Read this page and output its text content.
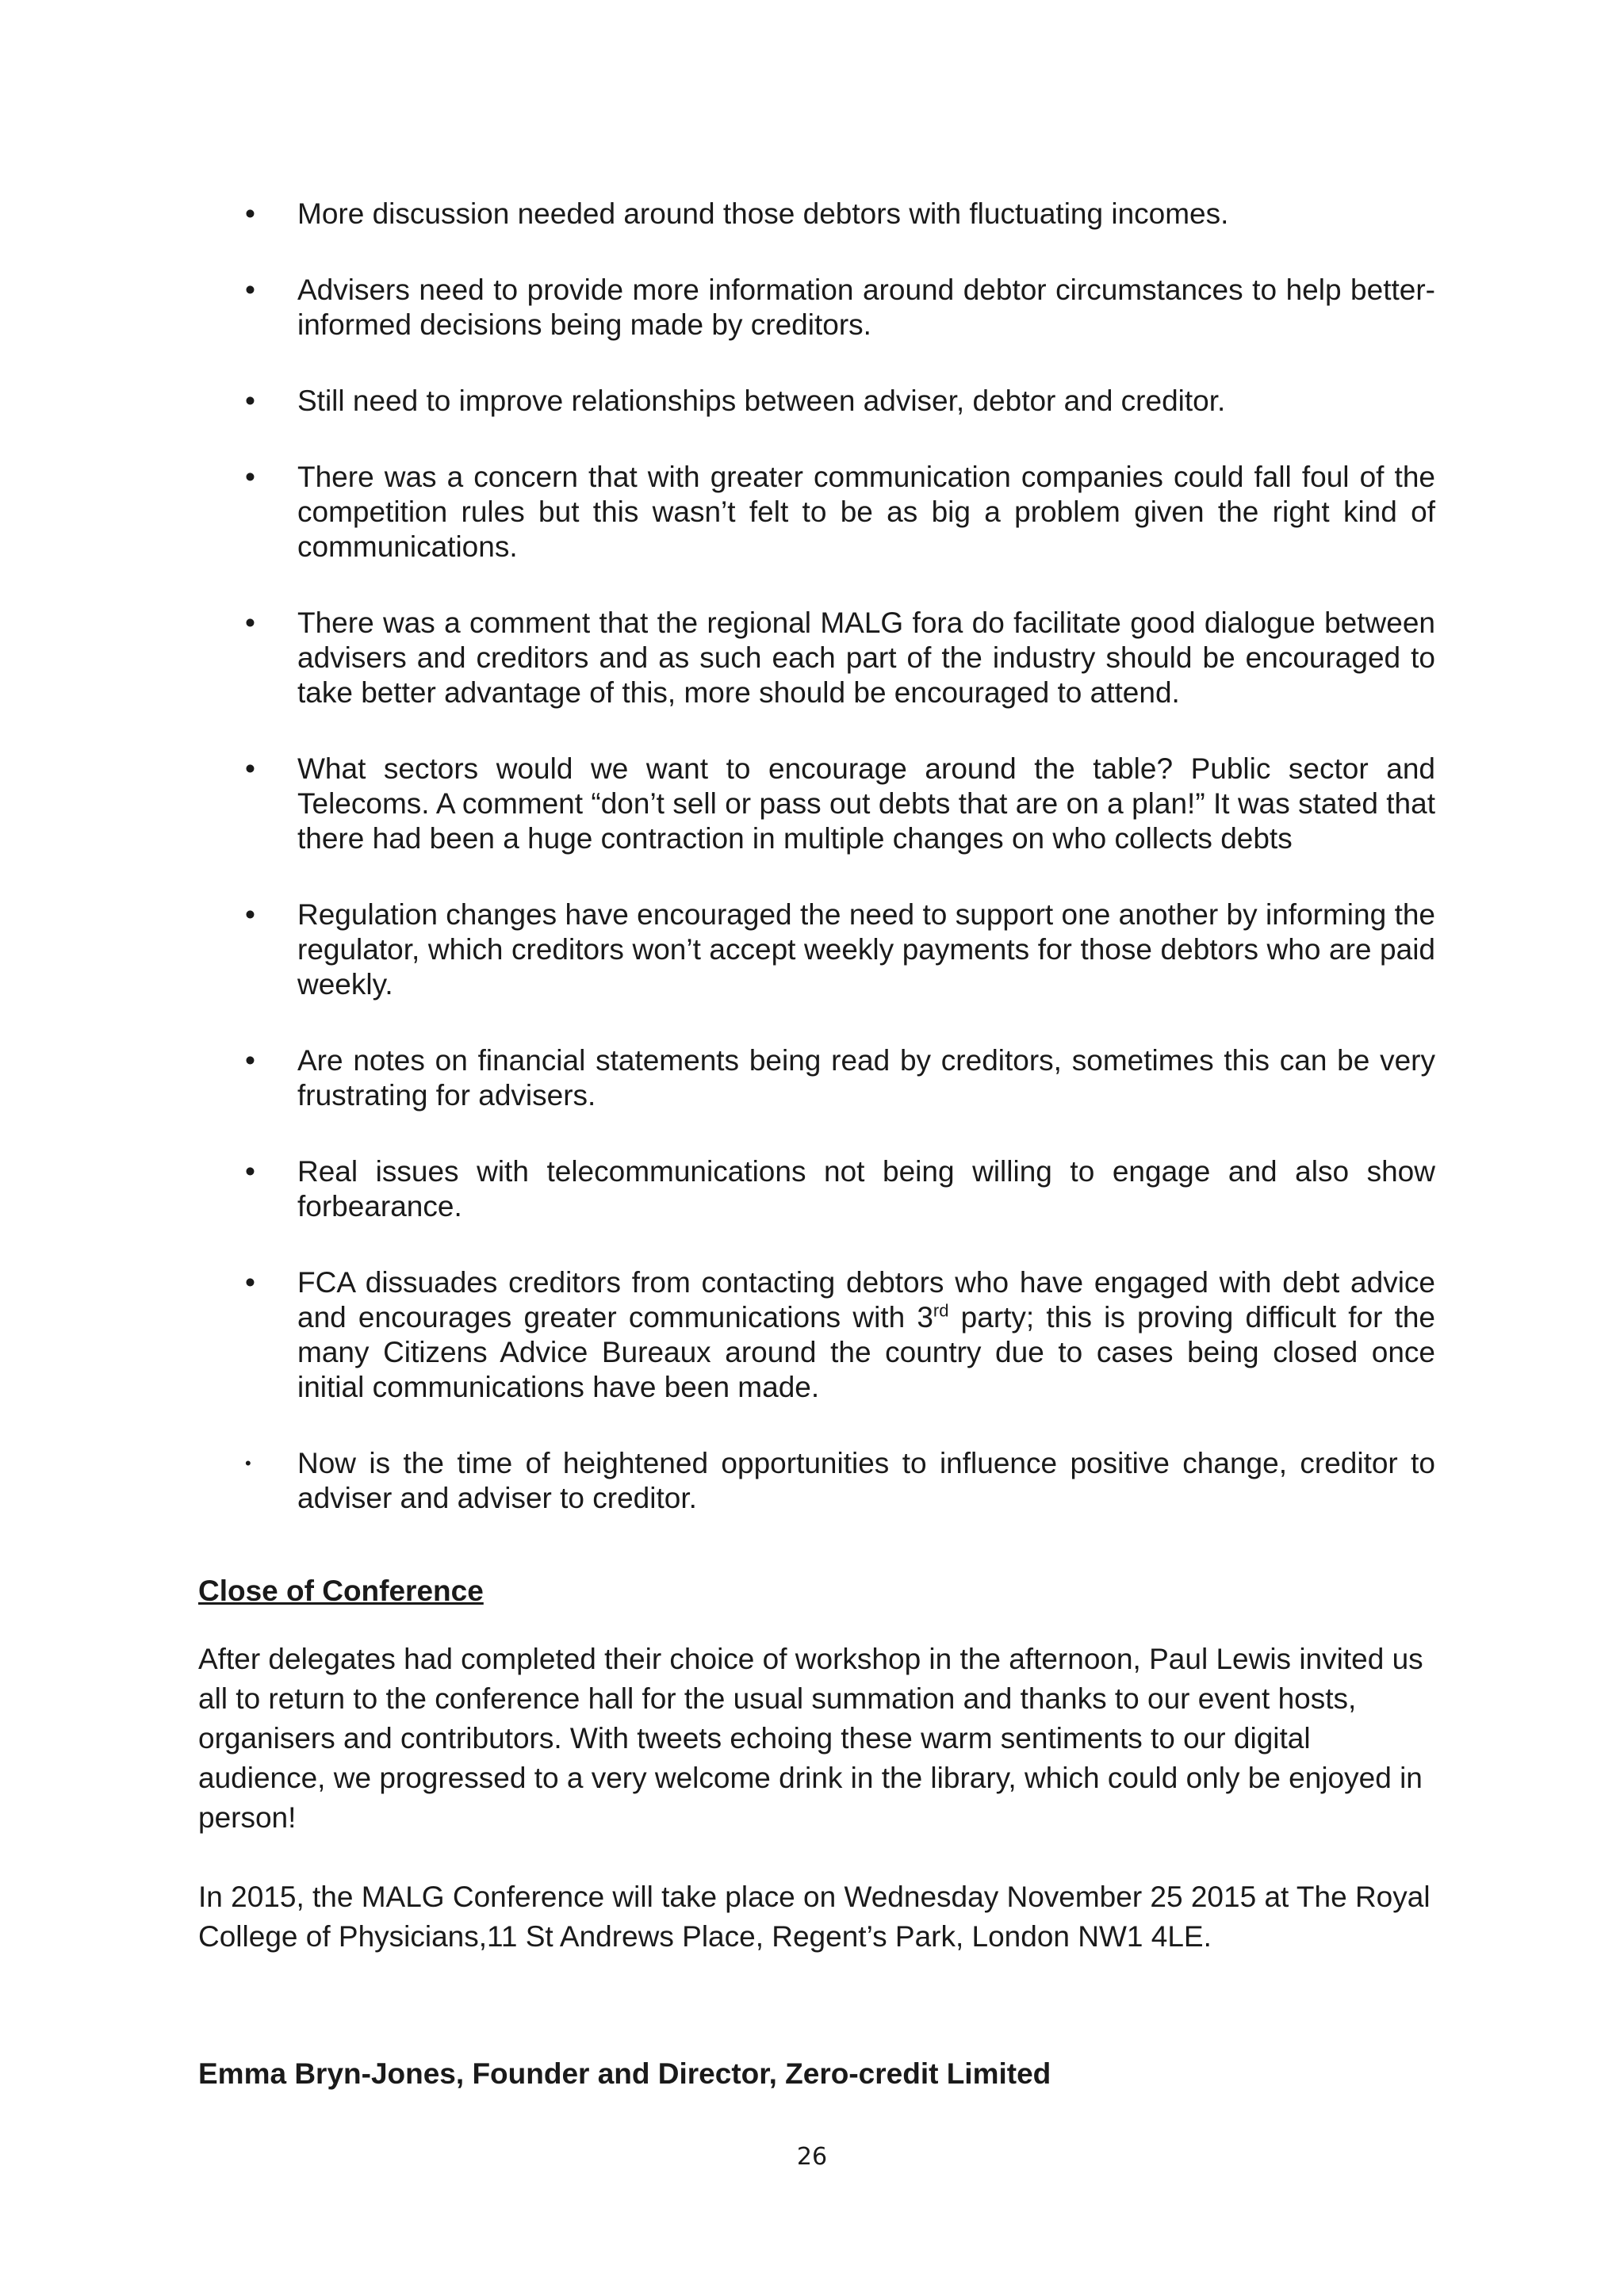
•	More discussion needed around those debtors with fluctuating incomes.
•	Advisers need to provide more information around debtor circumstances to help better-informed decisions being made by creditors.
•	Still need to improve relationships between adviser, debtor and creditor.
•	There was a concern that with greater communication companies could fall foul of the competition rules but this wasn’t felt to be as big a problem given the right kind of communications.
•	There was a comment that the regional MALG fora do facilitate good dialogue between advisers and creditors and as such each part of the industry should be encouraged to take better advantage of this, more should be encouraged to attend.
•	What sectors would we want to encourage around the table? Public sector and Telecoms. A comment “don’t sell or pass out debts that are on a plan!” It was stated that there had been a huge contraction in multiple changes on who collects debts
•	Regulation changes have encouraged the need to support one another by informing the regulator, which creditors won’t accept weekly payments for those debtors who are paid weekly.
•	Are notes on financial statements being read by creditors, sometimes this can be very frustrating for advisers.
•	Real issues with telecommunications not being willing to engage and also show forbearance.
•	FCA dissuades creditors from contacting debtors who have engaged with debt advice and encourages greater communications with 3rd party; this is proving difficult for the many Citizens Advice Bureaux around the country due to cases being closed once initial communications have been made.
•	Now is the time of heightened opportunities to influence positive change, creditor to adviser and adviser to creditor.
Close of Conference

After delegates had completed their choice of workshop in the afternoon, Paul Lewis invited us all to return to the conference hall for the usual summation and thanks to our event hosts, organisers and contributors. With tweets echoing these warm sentiments to our digital audience, we progressed to a very welcome drink in the library, which could only be enjoyed in person!

In 2015, the MALG Conference will take place on Wednesday November 25 2015 at The Royal College of Physicians,11 St Andrews Place, Regent’s Park, London NW1 4LE.

Emma Bryn-Jones, Founder and Director, Zero-credit Limited

26
